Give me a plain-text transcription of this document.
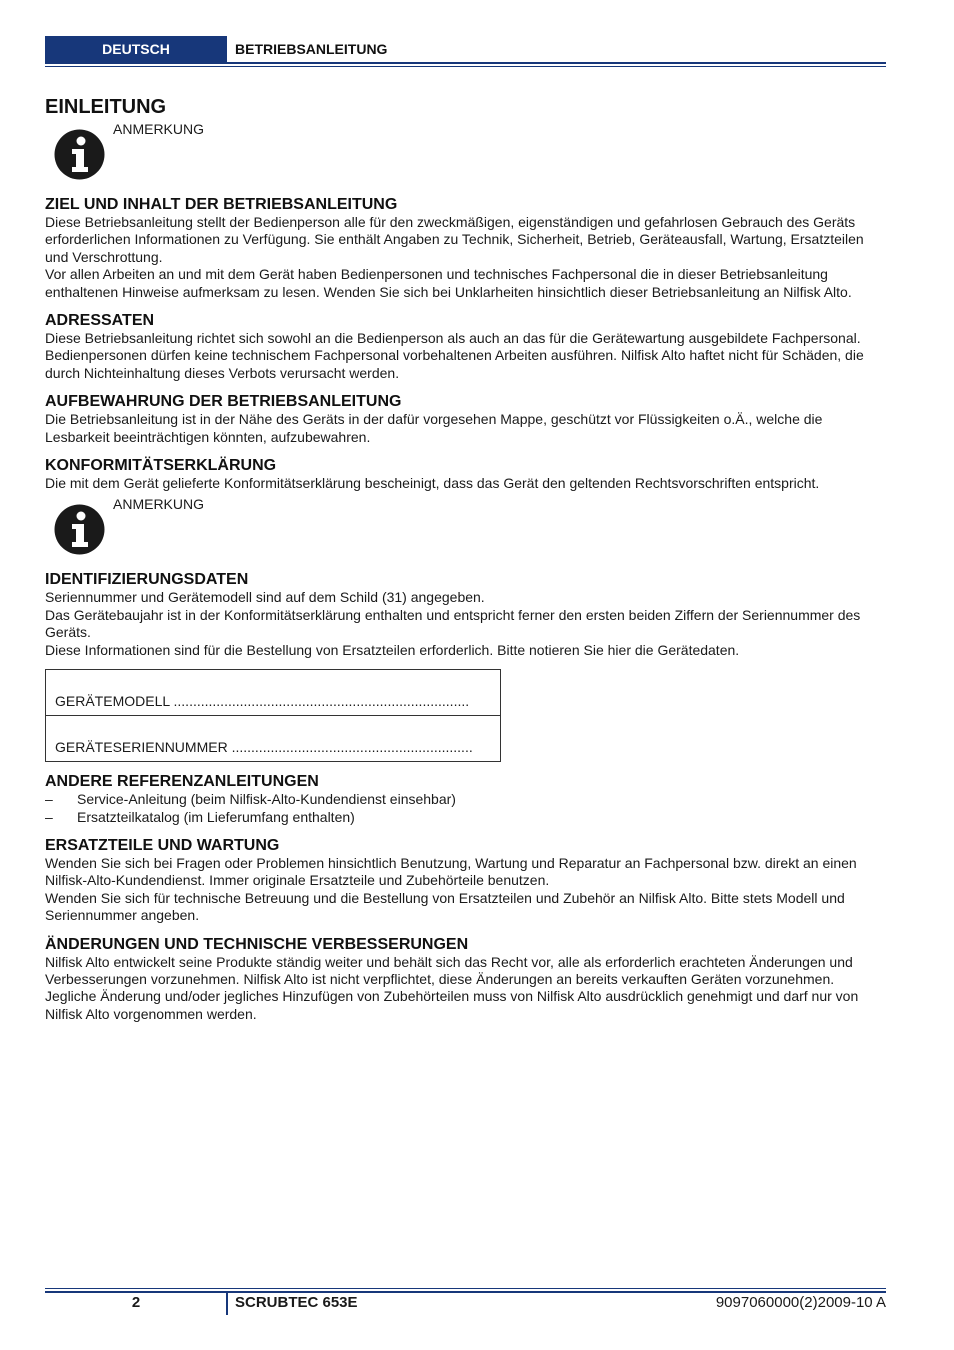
DEUTSCH	BETRIEBSANLEITUNG
EINLEITUNG
ANMERKUNG
ZIEL UND INHALT DER BETRIEBSANLEITUNG

Diese Betriebsanleitung stellt der Bedienperson alle für den zweckmäßigen, eigenständigen und gefahrlosen Gebrauch des Geräts erforderlichen Informationen zu Verfügung. Sie enthält Angaben zu Technik, Sicherheit, Betrieb, Geräteausfall, Wartung, Ersatzteilen und Verschrottung.

Vor allen Arbeiten an und mit dem Gerät haben Bedienpersonen und technisches Fachpersonal die in dieser Betriebsanleitung enthaltenen Hinweise aufmerksam zu lesen. Wenden Sie sich bei Unklarheiten hinsichtlich dieser Betriebsanleitung an Nilfisk Alto.

ADRESSATEN

Diese Betriebsanleitung richtet sich sowohl an die Bedienperson als auch an das für die Gerätewartung ausgebildete Fachpersonal. Bedienpersonen dürfen keine technischem Fachpersonal vorbehaltenen Arbeiten ausführen. Nilfisk Alto haftet nicht für Schäden, die durch Nichteinhaltung dieses Verbots verursacht werden.

AUFBEWAHRUNG DER BETRIEBSANLEITUNG

Die Betriebsanleitung ist in der Nähe des Geräts in der dafür vorgesehen Mappe, geschützt vor Flüssigkeiten o.Ä., welche die Lesbarkeit beeinträchtigen könnten, aufzubewahren.

KONFORMITÄTSERKLÄRUNG

Die mit dem Gerät gelieferte Konformitätserklärung bescheinigt, dass das Gerät den geltenden Rechtsvorschriften entspricht.

ANMERKUNG
IDENTIFIZIERUNGSDATEN

Seriennummer und Gerätemodell sind auf dem Schild (31) angegeben.

Das Gerätebaujahr ist in der Konformitätserklärung enthalten und entspricht ferner den ersten beiden Ziffern der Seriennummer des Geräts.

Diese Informationen sind für die Bestellung von Ersatzteilen erforderlich. Bitte notieren Sie hier die Gerätedaten.

GERÄTEMODELL ............................................................................
GERÄTESERIENNUMMER ..............................................................
ANDERE REFERENZANLEITUNGEN
– Service-Anleitung (beim Nilfisk-Alto-Kundendienst einsehbar)
– Ersatzteilkatalog (im Lieferumfang enthalten)
ERSATZTEILE UND WARTUNG

Wenden Sie sich bei Fragen oder Problemen hinsichtlich Benutzung, Wartung und Reparatur an Fachpersonal bzw. direkt an einen Nilfisk-Alto-Kundendienst. Immer originale Ersatzteile und Zubehörteile benutzen.

Wenden Sie sich für technische Betreuung und die Bestellung von Ersatzteilen und Zubehör an Nilfisk Alto. Bitte stets Modell und Seriennummer angeben.

ÄNDERUNGEN UND TECHNISCHE VERBESSERUNGEN

Nilfisk Alto entwickelt seine Produkte ständig weiter und behält sich das Recht vor, alle als erforderlich erachteten Änderungen und Verbesserungen vorzunehmen. Nilfisk Alto ist nicht verpflichtet, diese Änderungen an bereits verkauften Geräten vorzunehmen.

Jegliche Änderung und/oder jegliches Hinzufügen von Zubehörteilen muss von Nilfisk Alto ausdrücklich genehmigt und darf nur von Nilfisk Alto vorgenommen werden.

2	SCRUBTEC 653E	9097060000(2)2009-10 A
